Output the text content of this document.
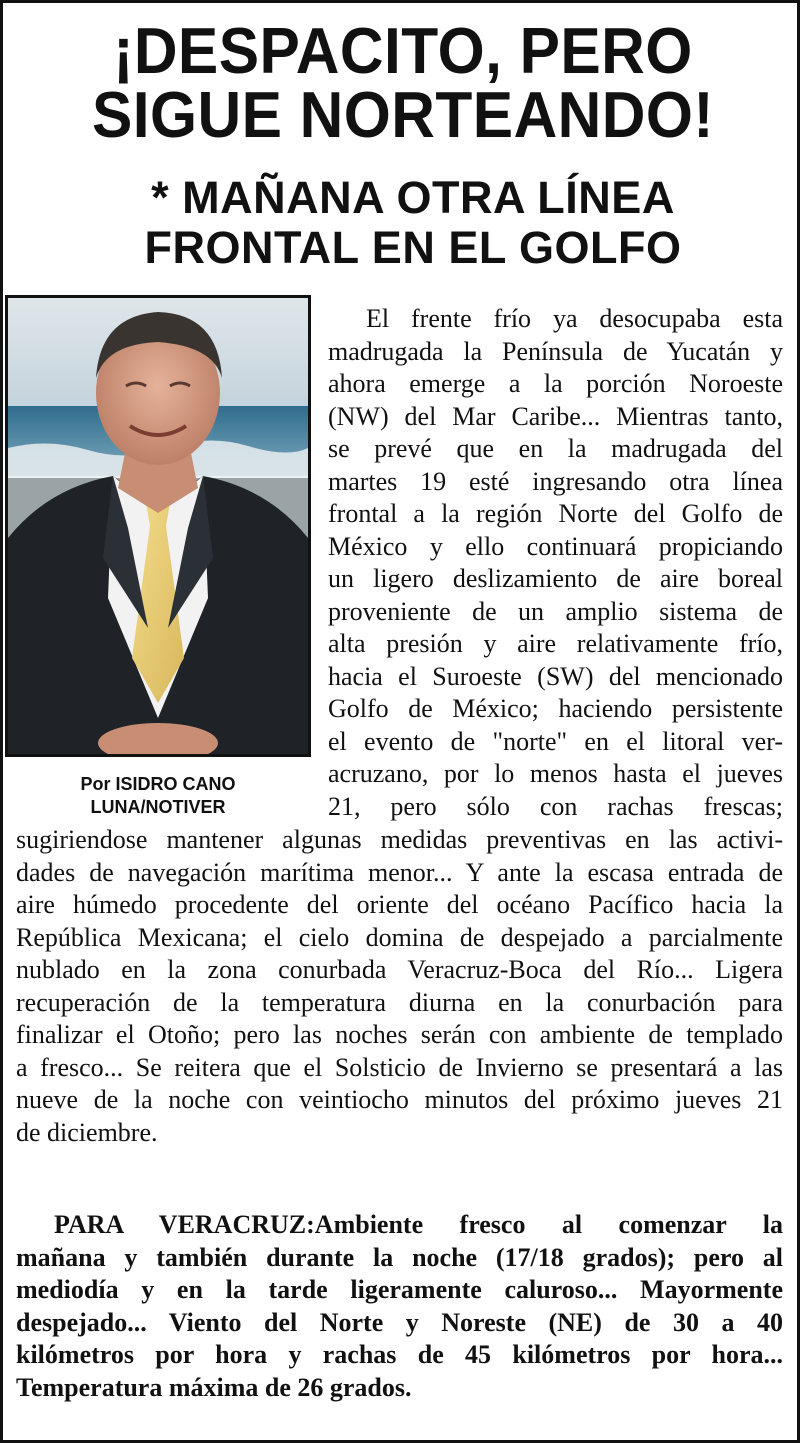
¡DESPACITO, PERO
SIGUE NORTEANDO!
* MAÑANA OTRA LÍNEA
FRONTAL EN EL GOLFO
Por ISIDRO CANO
LUNA/NOTIVER
El frente frío ya desocupaba esta
madrugada la Península de Yucatán y
ahora emerge a la porción Noroeste
(NW) del Mar Caribe... Mientras tanto,
se prevé que en la madrugada del
martes 19 esté ingresando otra línea
frontal a la región Norte del Golfo de
México y ello continuará propiciando
un ligero deslizamiento de aire boreal
proveniente de un amplio sistema de
alta presión y aire relativamente frío,
hacia el Suroeste (SW) del mencionado
Golfo de México; haciendo persistente
el evento de "norte" en el litoral ver-
acruzano, por lo menos hasta el jueves
21, pero sólo con rachas frescas;
sugiriendose mantener algunas medidas preventivas en las activi-
dades de navegación marítima menor... Y ante la escasa entrada de
aire húmedo procedente del oriente del océano Pacífico hacia la
República Mexicana; el cielo domina de despejado a parcialmente
nublado en la zona conurbada Veracruz-Boca del Río... Ligera
recuperación de la temperatura diurna en la conurbación para
finalizar el Otoño; pero las noches serán con ambiente de templado
a fresco... Se reitera que el Solsticio de Invierno se presentará a las
nueve de la noche con veintiocho minutos del próximo jueves 21
de diciembre.
PARA VERACRUZ:Ambiente fresco al comenzar la
mañana y también durante la noche (17/18 grados); pero al
mediodía y en la tarde ligeramente caluroso... Mayormente
despejado... Viento del Norte y Noreste (NE) de 30 a 40
kilómetros por hora y rachas de 45 kilómetros por hora...
Temperatura máxima de 26 grados.
